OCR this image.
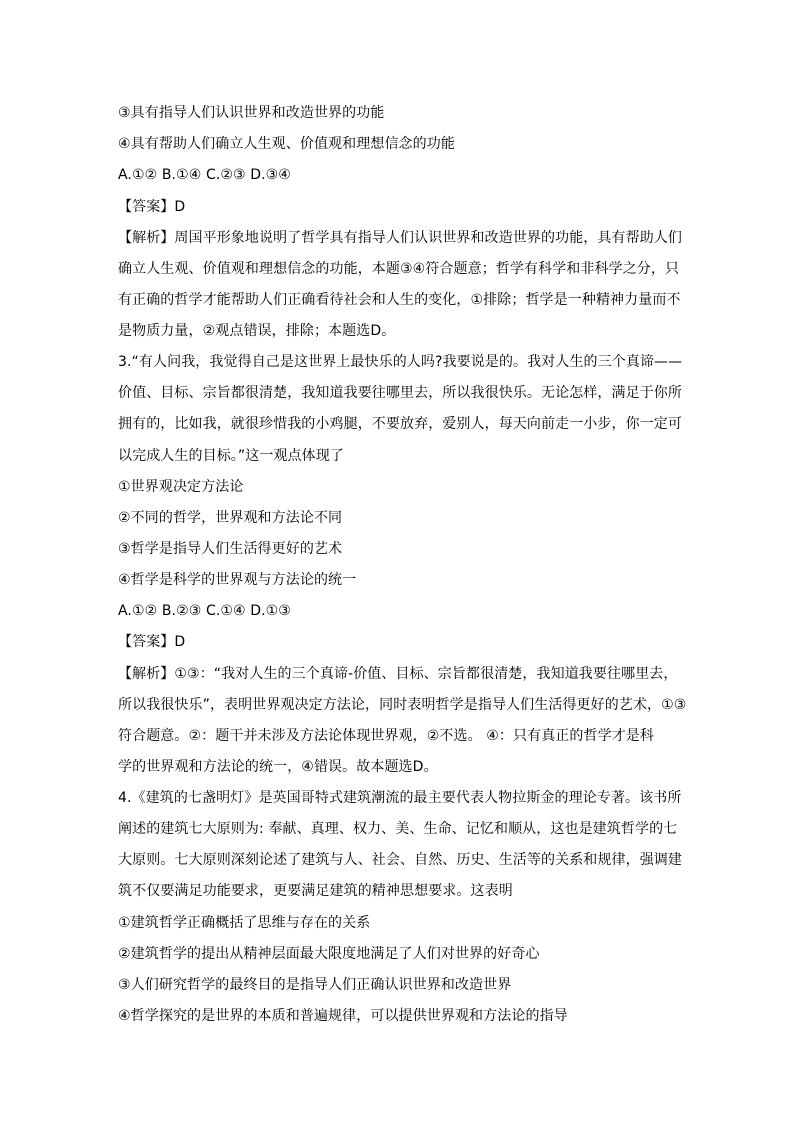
③具有指导人们认识世界和改造世界的功能
④具有帮助人们确立人生观、价值观和理想信念的功能
A.①② B.①④ C.②③ D.③④
【答案】D
【解析】周国平形象地说明了哲学具有指导人们认识世界和改造世界的功能，具有帮助人们
确立人生观、价值观和理想信念的功能，本题③④符合题意；哲学有科学和非科学之分，只
有正确的哲学才能帮助人们正确看待社会和人生的变化，①排除；哲学是一种精神力量而不
是物质力量，②观点错误，排除；本题选D。
3.“有人问我，我觉得自己是这世界上最快乐的人吗?我要说是的。我对人生的三个真谛——
价值、目标、宗旨都很清楚，我知道我要往哪里去，所以我很快乐。无论怎样，满足于你所
拥有的，比如我，就很珍惜我的小鸡腿，不要放弃，爱别人，每天向前走一小步，你一定可
以完成人生的目标。”这一观点体现了
①世界观决定方法论
②不同的哲学，世界观和方法论不同
③哲学是指导人们生活得更好的艺术
④哲学是科学的世界观与方法论的统一
A.①② B.②③ C.①④ D.①③
【答案】D
【解析】①③：“我对人生的三个真谛-价值、目标、宗旨都很清楚，我知道我要往哪里去，
所以我很快乐”，表明世界观决定方法论，同时表明哲学是指导人们生活得更好的艺术，①③
符合题意。②：题干并未涉及方法论体现世界观，②不选。 ④：只有真正的哲学才是科
学的世界观和方法论的统一，④错误。故本题选D。
4.《建筑的七盏明灯》是英国哥特式建筑潮流的最主要代表人物拉斯金的理论专著。该书所
阐述的建筑七大原则为: 奉献、真理、权力、美、生命、记忆和顺从，这也是建筑哲学的七
大原则。七大原则深刻论述了建筑与人、社会、自然、历史、生活等的关系和规律，强调建
筑不仅要满足功能要求，更要满足建筑的精神思想要求。这表明
①建筑哲学正确概括了思维与存在的关系
②建筑哲学的提出从精神层面最大限度地满足了人们对世界的好奇心
③人们研究哲学的最终目的是指导人们正确认识世界和改造世界
④哲学探究的是世界的本质和普遍规律，可以提供世界观和方法论的指导
